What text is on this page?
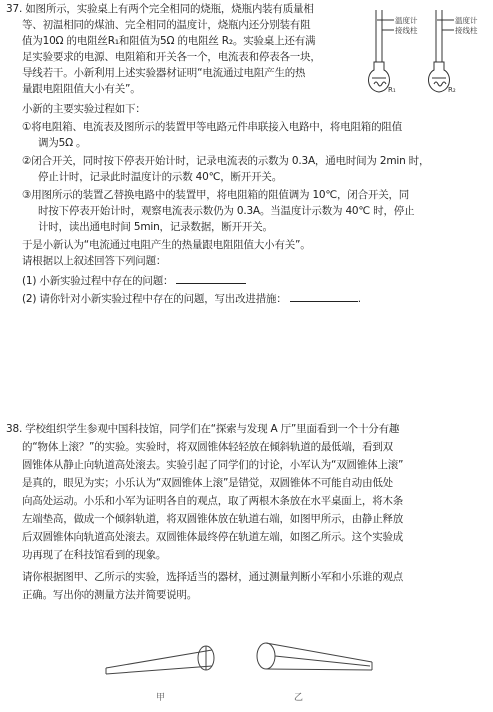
37. 如图所示，实验桌上有两个完全相同的烧瓶，烧瓶内装有质量相
等、初温相同的煤油、完全相同的温度计，烧瓶内还分别装有阻
值为10Ω 的电阻丝R₁和阻值为5Ω 的电阻丝 R₂。实验桌上还有满
足实验要求的电源、电阻箱和开关各一个，电流表和停表各一块，
导线若干。小新利用上述实验器材证明“电流通过电阻产生的热
量跟电阻阻值大小有关”。
小新的主要实验过程如下：
①将电阻箱、电流表及图所示的装置甲等电路元件串联接入电路中，将电阻箱的阻值
调为5Ω 。
②闭合开关，同时按下停表开始计时，记录电流表的示数为 0.3A，通电时间为 2min 时，
停止计时，记录此时温度计的示数 40℃，断开开关。
③用图所示的装置乙替换电路中的装置甲，将电阻箱的阻值调为 10℃，闭合开关，同
时按下停表开始计时，观察电流表示数仍为 0.3A。当温度计示数为 40℃ 时，停止
计时，读出通电时间 5min，记录数据，断开开关。
于是小新认为“电流通过电阻产生的热量跟电阻阻值大小有关”。
请根据以上叙述回答下列问题：
(1) 小新实验过程中存在的问题：
(2) 请你针对小新实验过程中存在的问题，写出改进措施：	.
温度计
接线柱
R₁
温度计
接线柱
R₂
38. 学校组织学生参观中国科技馆，同学们在“探索与发现 A 厅”里面看到一个十分有趣
的“物体上滚？”的实验。实验时，将双圆锥体轻轻放在倾斜轨道的最低端，看到双
圆锥体从静止向轨道高处滚去。实验引起了同学们的讨论，小军认为“双圆锥体上滚”
是真的，眼见为实；小乐认为“双圆锥体上滚”是错觉，双圆锥体不可能自动由低处
向高处运动。小乐和小军为证明各自的观点，取了两根木条放在水平桌面上，将木条
左端垫高，做成一个倾斜轨道，将双圆锥体放在轨道右端，如图甲所示，由静止释放
后双圆锥体向轨道高处滚去。双圆锥体最终停在轨道左端，如图乙所示。这个实验成
功再现了在科技馆看到的现象。
请你根据图甲、乙所示的实验，选择适当的器材，通过测量判断小军和小乐谁的观点
正确。写出你的测量方法并简要说明。
甲	乙
